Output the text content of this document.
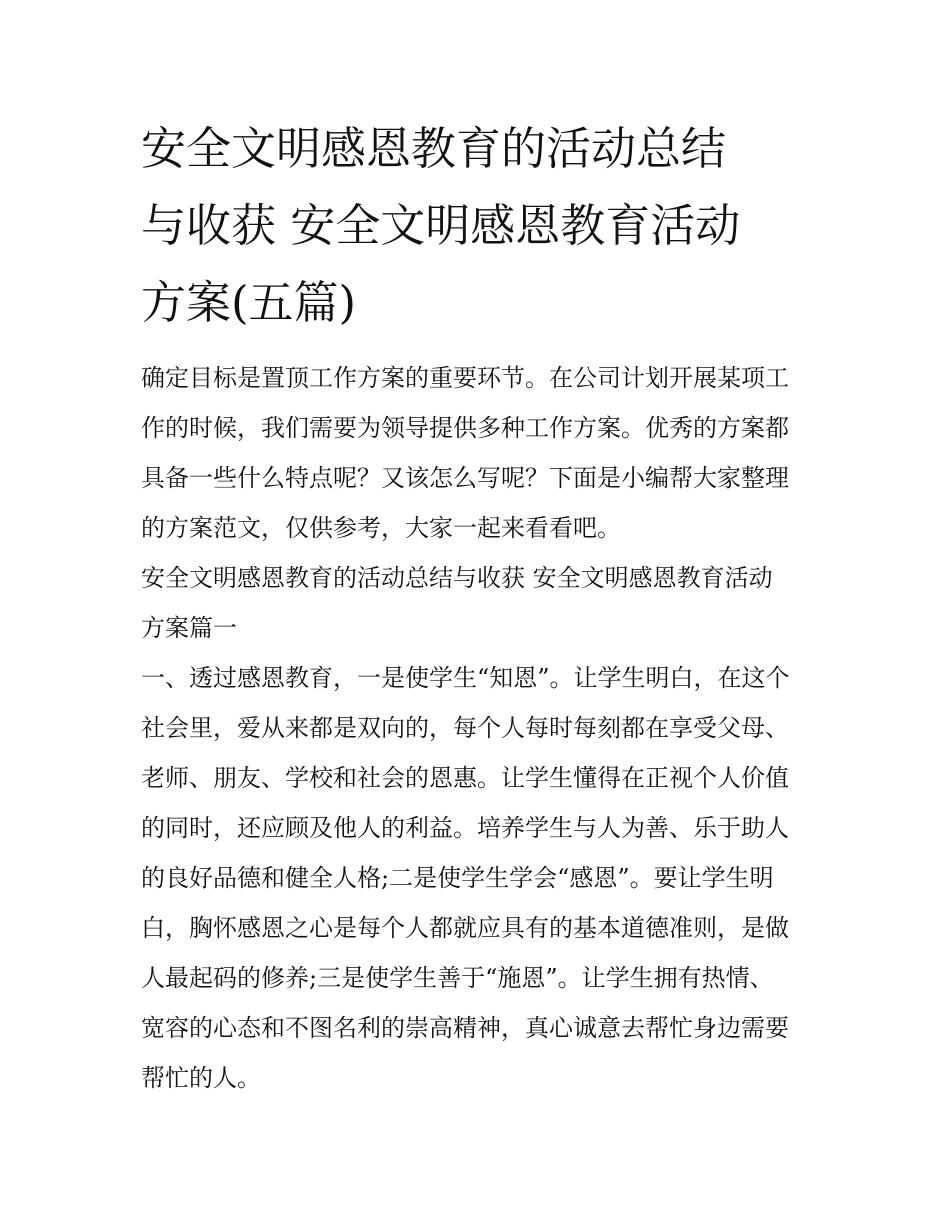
安全文明感恩教育的活动总结
与收获 安全文明感恩教育活动
方案(五篇)

确定目标是置顶工作方案的重要环节。在公司计划开展某项工
作的时候，我们需要为领导提供多种工作方案。优秀的方案都
具备一些什么特点呢？又该怎么写呢？下面是小编帮大家整理
的方案范文，仅供参考，大家一起来看看吧。

安全文明感恩教育的活动总结与收获 安全文明感恩教育活动
方案篇一

一、透过感恩教育，一是使学生“知恩”。让学生明白，在这个
社会里，爱从来都是双向的，每个人每时每刻都在享受父母、
老师、朋友、学校和社会的恩惠。让学生懂得在正视个人价值
的同时，还应顾及他人的利益。培养学生与人为善、乐于助人
的良好品德和健全人格;二是使学生学会“感恩”。要让学生明
白，胸怀感恩之心是每个人都就应具有的基本道德准则，是做
人最起码的修养;三是使学生善于“施恩”。让学生拥有热情、
宽容的心态和不图名利的崇高精神，真心诚意去帮忙身边需要
帮忙的人。
